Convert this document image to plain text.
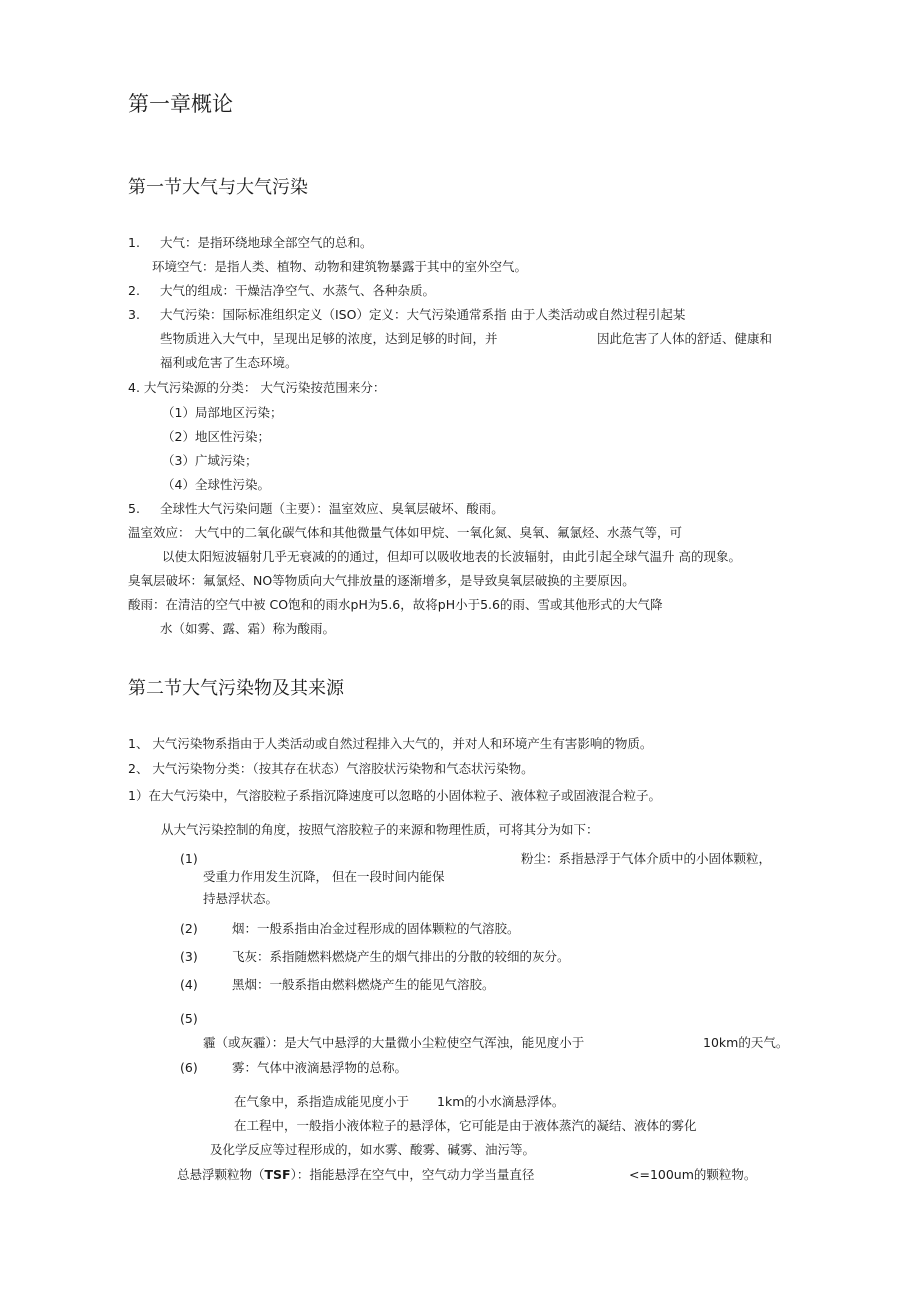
第一章概论
第一节大气与大气污染
1. 大气：是指环绕地球全部空气的总和。
环境空气：是指人类、植物、动物和建筑物暴露于其中的室外空气。
2. 大气的组成：干燥洁净空气、水蒸气、各种杂质。
3. 大气污染：国际标准组织定义（ISO）定义：大气污染通常系指 由于人类活动或自然过程引起某
些物质进入大气中，呈现出足够的浓度，达到足够的时间，并	因此危害了人体的舒适、健康和
福利或危害了生态环境。
4. 大气污染源的分类： 大气污染按范围来分：
（1）局部地区污染；
（2）地区性污染；
（3）广域污染；
（4）全球性污染。
5. 全球性大气污染问题（主要）：温室效应、臭氧层破坏、酸雨。
温室效应： 大气中的二氧化碳气体和其他微量气体如甲烷、一氧化氮、臭氧、氟氯烃、水蒸气等，可
以使太阳短波辐射几乎无衰减的的通过，但却可以吸收地表的长波辐射，由此引起全球气温升 高的现象。
臭氧层破坏：氟氯烃、NO等物质向大气排放量的逐渐增多，是导致臭氧层破换的主要原因。
酸雨：在清洁的空气中被 CO饱和的雨水pH为5.6，故将pH小于5.6的雨、雪或其他形式的大气降
水（如雾、露、霜）称为酸雨。
第二节大气污染物及其来源
1、 大气污染物系指由于人类活动或自然过程排入大气的，并对人和环境产生有害影响的物质。
2、 大气污染物分类：（按其存在状态）气溶胶状污染物和气态状污染物。
1）在大气污染中，气溶胶粒子系指沉降速度可以忽略的小固体粒子、液体粒子或固液混合粒子。
从大气污染控制的角度，按照气溶胶粒子的来源和物理性质，可将其分为如下：
(1)	粉尘：系指悬浮于气体介质中的小固体颗粒，
受重力作用发生沉降， 但在一段时间内能保
持悬浮状态。
(2)	烟：一般系指由冶金过程形成的固体颗粒的气溶胶。
(3)	飞灰：系指随燃料燃烧产生的烟气排出的分散的较细的灰分。
(4)	黑烟：一般系指由燃料燃烧产生的能见气溶胶。
(5)
霾（或灰霾）：是大气中悬浮的大量微小尘粒使空气浑浊，能见度小于	10km的天气。
(6)	雾：气体中液滴悬浮物的总称。
在气象中，系指造成能见度小于 1km的小水滴悬浮体。
在工程中，一般指小液体粒子的悬浮体，它可能是由于液体蒸汽的凝结、液体的雾化
及化学反应等过程形成的，如水雾、酸雾、碱雾、油污等。
总悬浮颗粒物（TSF）：指能悬浮在空气中，空气动力学当量直径	<=100um的颗粒物。
